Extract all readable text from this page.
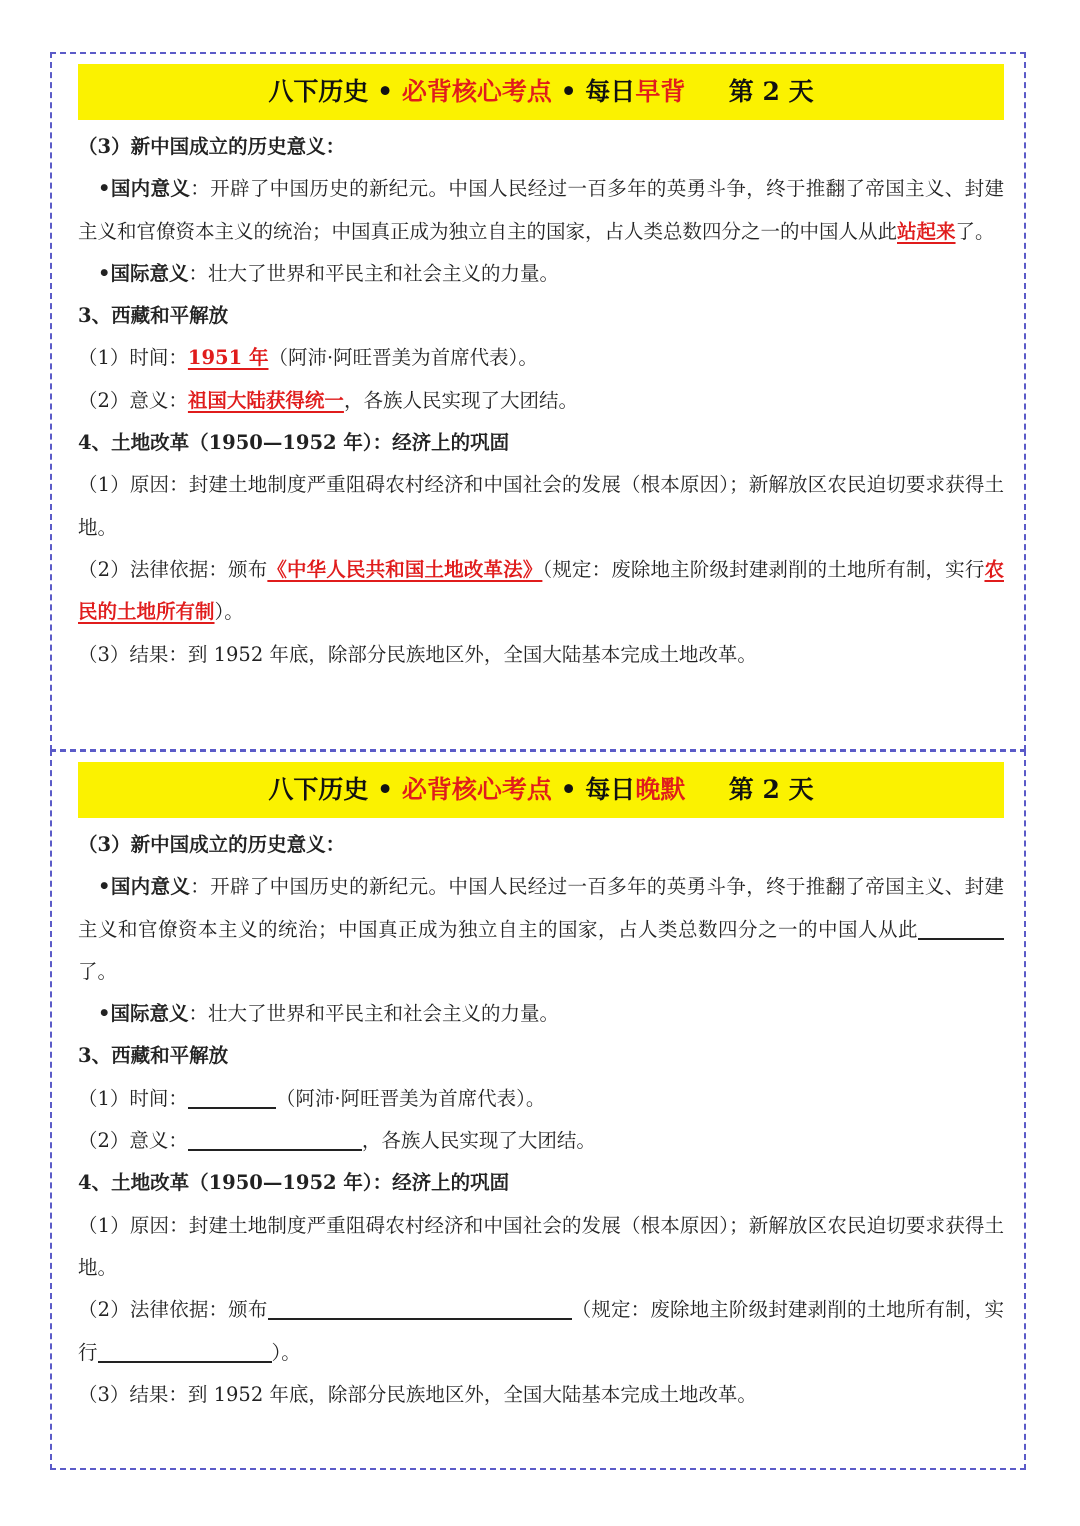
八下历史 • 必背核心考点 • 每日早背 第 2 天
（3）新中国成立的历史意义：
•国内意义：开辟了中国历史的新纪元。中国人民经过一百多年的英勇斗争，终于推翻了帝国主义、封建主义和官僚资本主义的统治；中国真正成为独立自主的国家，占人类总数四分之一的中国人从此站起来了。
•国际意义：壮大了世界和平民主和社会主义的力量。
3、西藏和平解放
（1）时间：1951 年（阿沛·阿旺晋美为首席代表）。
（2）意义：祖国大陆获得统一，各族人民实现了大团结。
4、土地改革（1950—1952 年）：经济上的巩固
（1）原因：封建土地制度严重阻碍农村经济和中国社会的发展（根本原因）；新解放区农民迫切要求获得土地。
（2）法律依据：颁布《中华人民共和国土地改革法》（规定：废除地主阶级封建剥削的土地所有制，实行农民的土地所有制）。
（3）结果：到 1952 年底，除部分民族地区外，全国大陆基本完成土地改革。
八下历史 • 必背核心考点 • 每日晚默 第 2 天
（3）新中国成立的历史意义：
•国内意义：开辟了中国历史的新纪元。中国人民经过一百多年的英勇斗争，终于推翻了帝国主义、封建主义和官僚资本主义的统治；中国真正成为独立自主的国家，占人类总数四分之一的中国人从此了。
•国际意义：壮大了世界和平民主和社会主义的力量。
3、西藏和平解放
（1）时间：	（阿沛·阿旺晋美为首席代表）。
（2）意义：	，各族人民实现了大团结。
4、土地改革（1950—1952 年）：经济上的巩固
（1）原因：封建土地制度严重阻碍农村经济和中国社会的发展（根本原因）；新解放区农民迫切要求获得土地。
（2）法律依据：颁布	（规定：废除地主阶级封建剥削的土地所有制，实行	）。
（3）结果：到 1952 年底，除部分民族地区外，全国大陆基本完成土地改革。
